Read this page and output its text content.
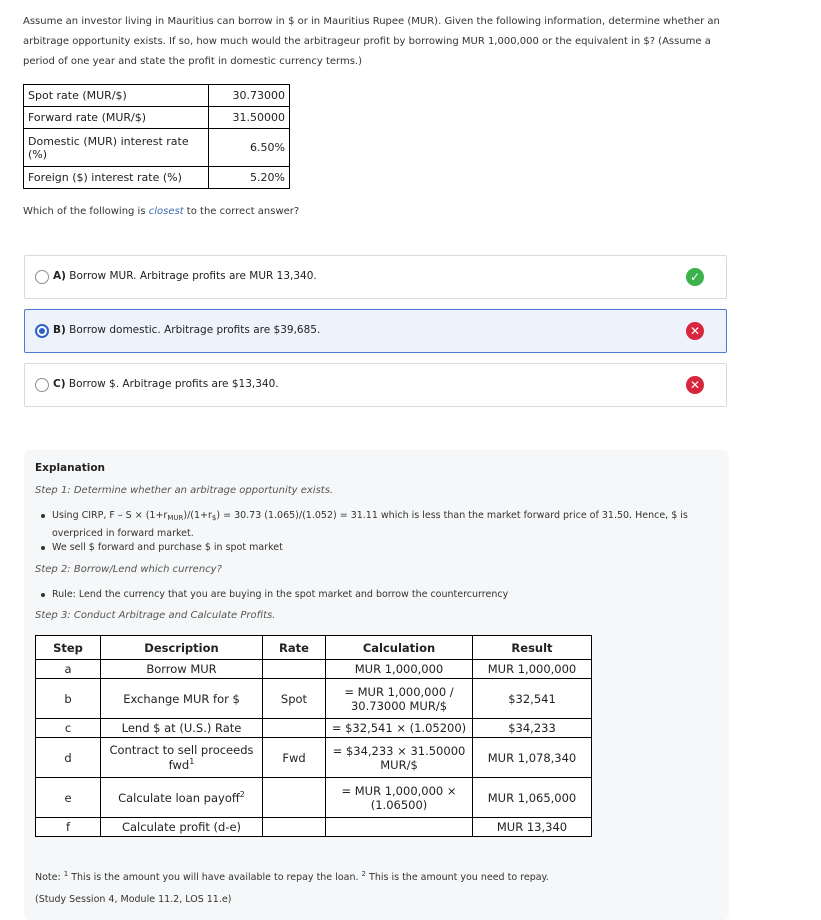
Assume an investor living in Mauritius can borrow in $ or in Mauritius Rupee (MUR). Given the following information, determine whether an arbitrage opportunity exists. If so, how much would the arbitrageur profit by borrowing MUR 1,000,000 or the equivalent in $? (Assume a period of one year and state the profit in domestic currency terms.)
Spot rate (MUR/$)	30.73000
Forward rate (MUR/$)	31.50000
Domestic (MUR) interest rate (%)	6.50%
Foreign ($) interest rate (%)	5.20%
Which of the following is closest to the correct answer?
A) Borrow MUR. Arbitrage profits are MUR 13,340.	✓
B) Borrow domestic. Arbitrage profits are $39,685.	✕
C) Borrow $. Arbitrage profits are $13,340.	✕
Explanation
Step 1: Determine whether an arbitrage opportunity exists.
Using CIRP, $F - S \times (1+r_{MUR})/(1+r_{\$}) = 30.73$ (1.065)/(1.052) = 31.11 which is less than the market forward price of 31.50. Hence, $ is
overpriced in forward market.
We sell $ forward and purchase $ in spot market
Step 2: Borrow/Lend which currency?
Rule: Lend the currency that you are buying in the spot market and borrow the countercurrency
Step 3: Conduct Arbitrage and Calculate Profits.
Step	Description	Rate	Calculation	Result
a	Borrow MUR		MUR 1,000,000	MUR 1,000,000
b	Exchange MUR for $	Spot	= MUR 1,000,000 /
30.73000 MUR/$	$32,541
c	Lend $ at (U.S.) Rate		= $32,541 × (1.05200)	$34,233
d	Contract to sell proceeds fwd$^1$	Fwd	= $34,233 × 31.50000
MUR/$	MUR 1,078,340
e	Calculate loan payoff$^2$		= MUR 1,000,000 ×
(1.06500)	MUR 1,065,000
f	Calculate profit (d-e)			MUR 13,340
Note: $^1$ This is the amount you will have available to repay the loan. $^2$ This is the amount you need to repay.
(Study Session 4, Module 11.2, LOS 11.e)
